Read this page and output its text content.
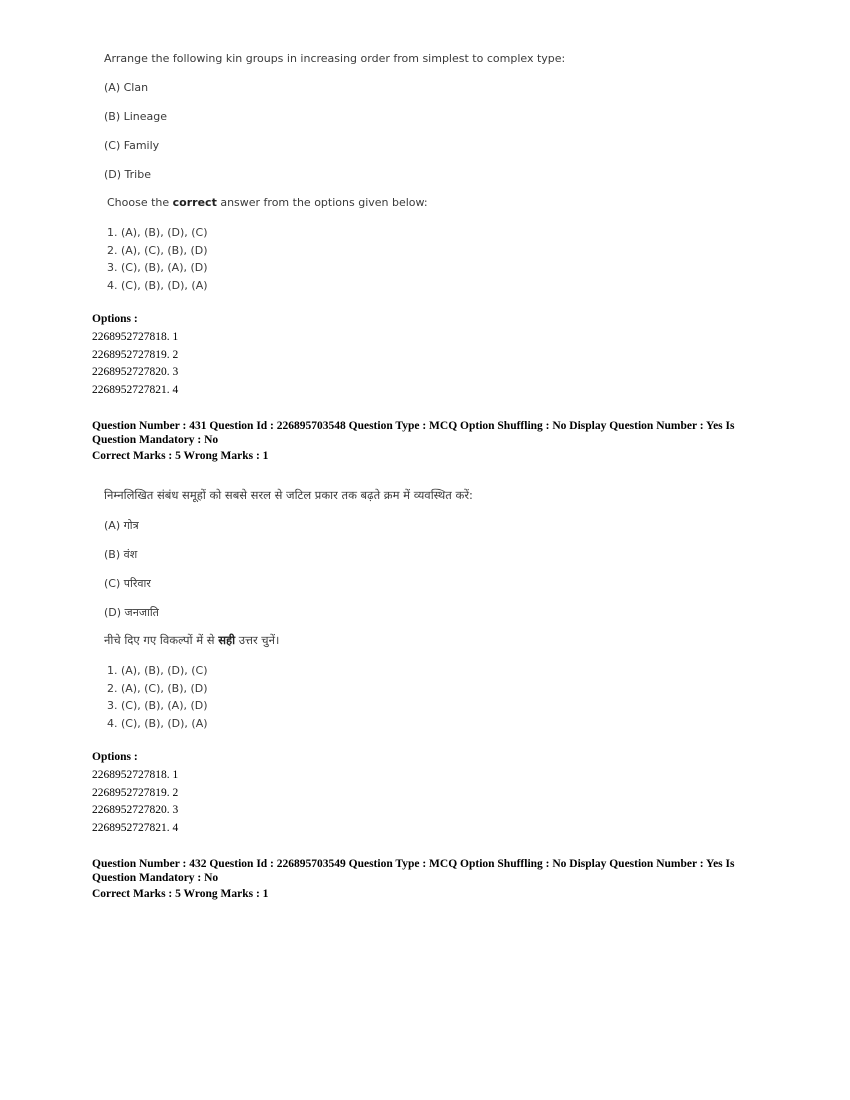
Arrange the following kin groups in increasing order from simplest to complex type:
(A) Clan
(B) Lineage
(C) Family
(D) Tribe
Choose the correct answer from the options given below:
1. (A), (B), (D), (C)
2. (A), (C), (B), (D)
3. (C), (B), (A), (D)
4. (C), (B), (D), (A)
Options :
2268952727818. 1
2268952727819. 2
2268952727820. 3
2268952727821. 4
Question Number : 431 Question Id : 226895703548 Question Type : MCQ Option Shuffling : No Display Question Number : Yes Is
Question Mandatory : No
Correct Marks : 5 Wrong Marks : 1
निम्नलिखित संबंध समूहों को सबसे सरल से जटिल प्रकार तक बढ़ते क्रम में व्यवस्थित करें:
(A) गोत्र
(B) वंश
(C) परिवार
(D) जनजाति
नीचे दिए गए विकल्पों में से सही उत्तर चुनें।
1. (A), (B), (D), (C)
2. (A), (C), (B), (D)
3. (C), (B), (A), (D)
4. (C), (B), (D), (A)
Options :
2268952727818. 1
2268952727819. 2
2268952727820. 3
2268952727821. 4
Question Number : 432 Question Id : 226895703549 Question Type : MCQ Option Shuffling : No Display Question Number : Yes Is
Question Mandatory : No
Correct Marks : 5 Wrong Marks : 1
